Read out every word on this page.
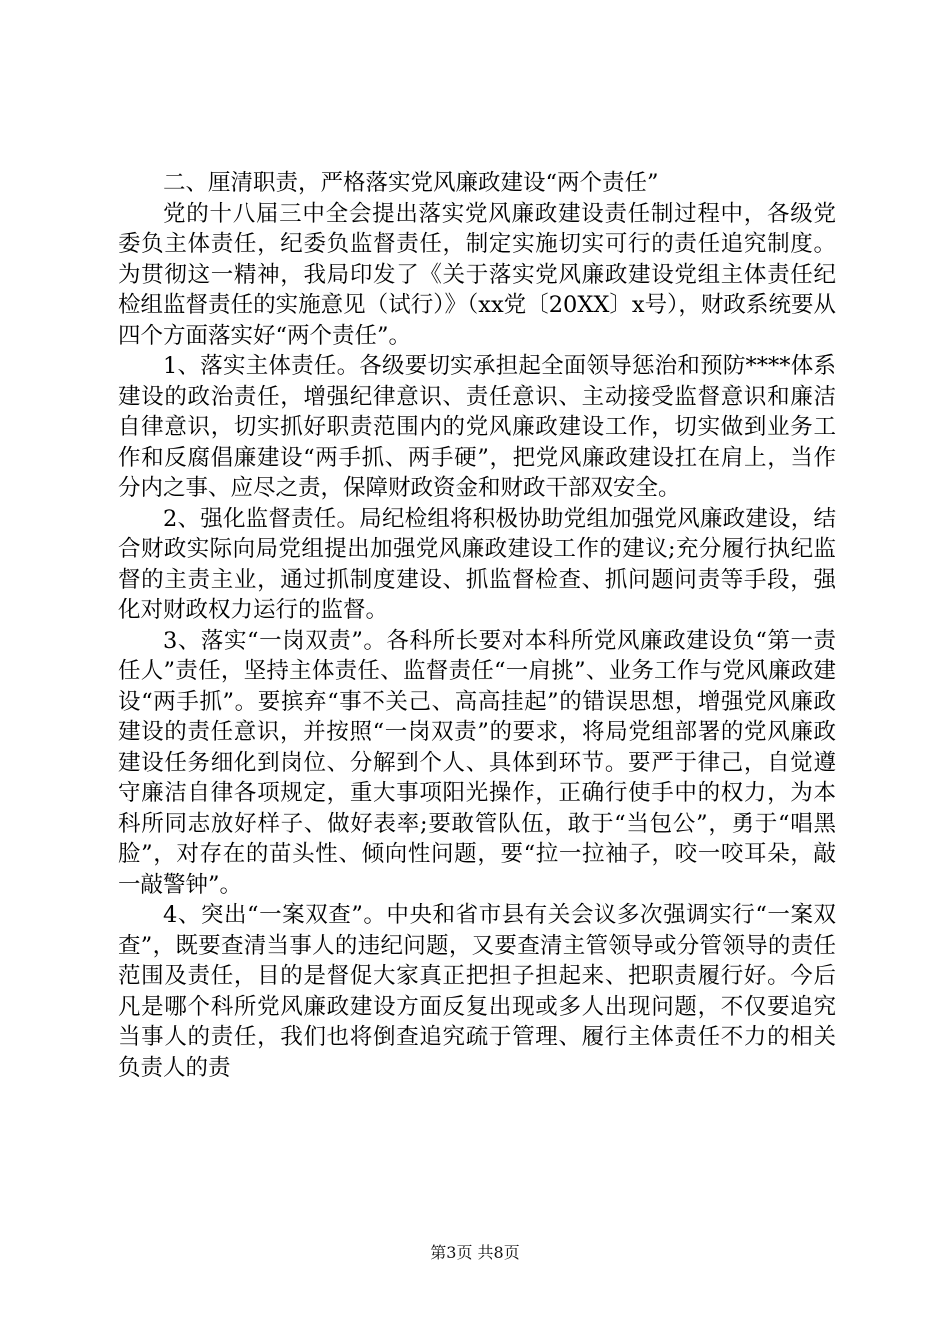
二、厘清职责，严格落实党风廉政建设“两个责任”

党的十八届三中全会提出落实党风廉政建设责任制过程中，各级党委负主体责任，纪委负监督责任，制定实施切实可行的责任追究制度。为贯彻这一精神，我局印发了《关于落实党风廉政建设党组主体责任纪检组监督责任的实施意见（试行）》（xx党〔20XX〕x号），财政系统要从四个方面落实好“两个责任”。

1、落实主体责任。各级要切实承担起全面领导惩治和预防****体系建设的政治责任，增强纪律意识、责任意识、主动接受监督意识和廉洁自律意识，切实抓好职责范围内的党风廉政建设工作，切实做到业务工作和反腐倡廉建设“两手抓、两手硬”，把党风廉政建设扛在肩上，当作分内之事、应尽之责，保障财政资金和财政干部双安全。

2、强化监督责任。局纪检组将积极协助党组加强党风廉政建设，结合财政实际向局党组提出加强党风廉政建设工作的建议;充分履行执纪监督的主责主业，通过抓制度建设、抓监督检查、抓问题问责等手段，强化对财政权力运行的监督。

3、落实“一岗双责”。各科所长要对本科所党风廉政建设负“第一责任人”责任，坚持主体责任、监督责任“一肩挑”、业务工作与党风廉政建设“两手抓”。要摈弃“事不关己、高高挂起”的错误思想，增强党风廉政建设的责任意识，并按照“一岗双责”的要求，将局党组部署的党风廉政建设任务细化到岗位、分解到个人、具体到环节。要严于律己，自觉遵守廉洁自律各项规定，重大事项阳光操作，正确行使手中的权力，为本科所同志放好样子、做好表率;要敢管队伍，敢于“当包公”，勇于“唱黑脸”，对存在的苗头性、倾向性问题，要“拉一拉袖子，咬一咬耳朵，敲一敲警钟”。

4、突出“一案双查”。中央和省市县有关会议多次强调实行“一案双查”，既要查清当事人的违纪问题，又要查清主管领导或分管领导的责任范围及责任，目的是督促大家真正把担子担起来、把职责履行好。今后凡是哪个科所党风廉政建设方面反复出现或多人出现问题，不仅要追究当事人的责任，我们也将倒查追究疏于管理、履行主体责任不力的相关负责人的责

第3页 共8页
